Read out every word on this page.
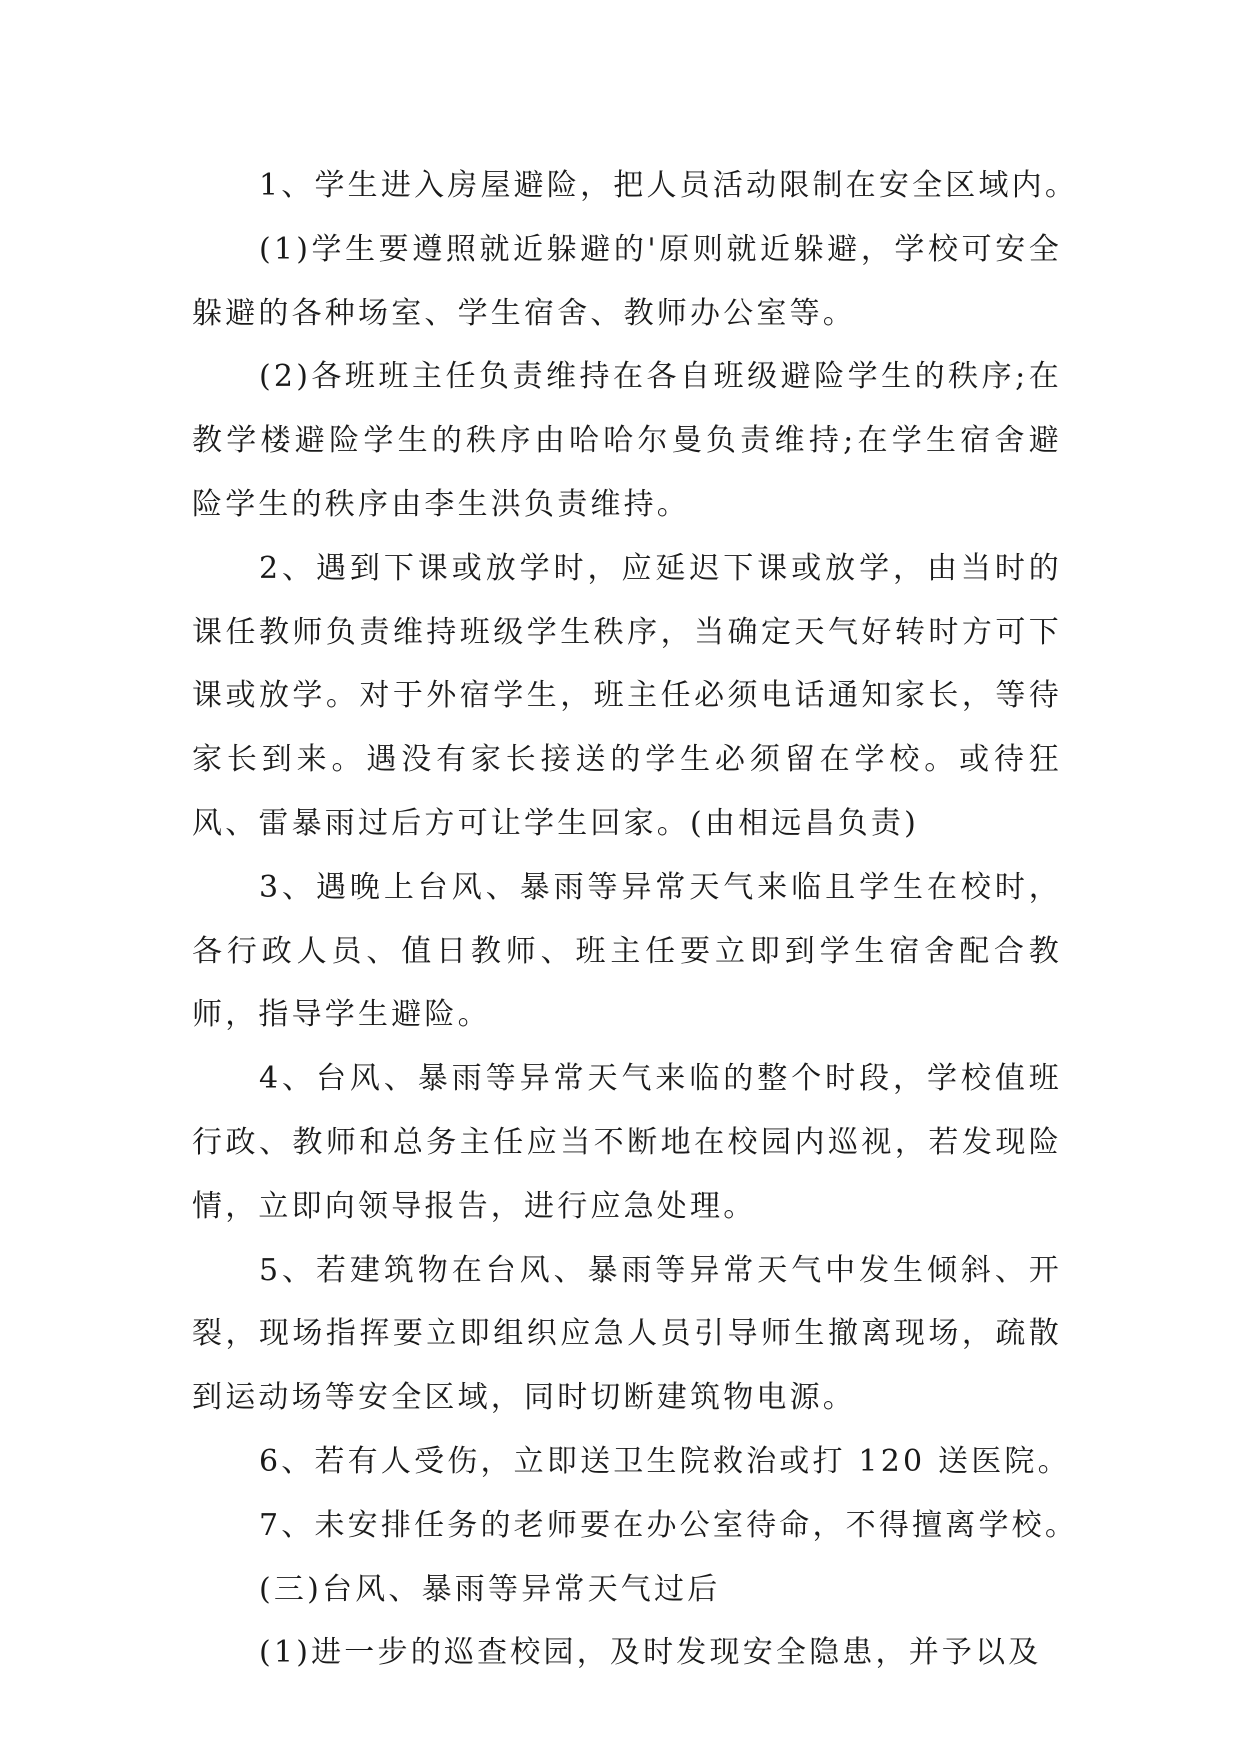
1、学生进入房屋避险，把人员活动限制在安全区域内。

(1)学生要遵照就近躲避的'原则就近躲避，学校可安全躲避的各种场室、学生宿舍、教师办公室等。

(2)各班班主任负责维持在各自班级避险学生的秩序;在教学楼避险学生的秩序由哈哈尔曼负责维持;在学生宿舍避险学生的秩序由李生洪负责维持。

2、遇到下课或放学时，应延迟下课或放学，由当时的课任教师负责维持班级学生秩序，当确定天气好转时方可下课或放学。对于外宿学生，班主任必须电话通知家长，等待家长到来。遇没有家长接送的学生必须留在学校。或待狂风、雷暴雨过后方可让学生回家。(由相远昌负责)

3、遇晚上台风、暴雨等异常天气来临且学生在校时，各行政人员、值日教师、班主任要立即到学生宿舍配合教师，指导学生避险。

4、台风、暴雨等异常天气来临的整个时段，学校值班行政、教师和总务主任应当不断地在校园内巡视，若发现险情，立即向领导报告，进行应急处理。

5、若建筑物在台风、暴雨等异常天气中发生倾斜、开裂，现场指挥要立即组织应急人员引导师生撤离现场，疏散到运动场等安全区域，同时切断建筑物电源。

6、若有人受伤，立即送卫生院救治或打 120 送医院。

7、未安排任务的老师要在办公室待命，不得擅离学校。

(三)台风、暴雨等异常天气过后

(1)进一步的巡查校园，及时发现安全隐患，并予以及
